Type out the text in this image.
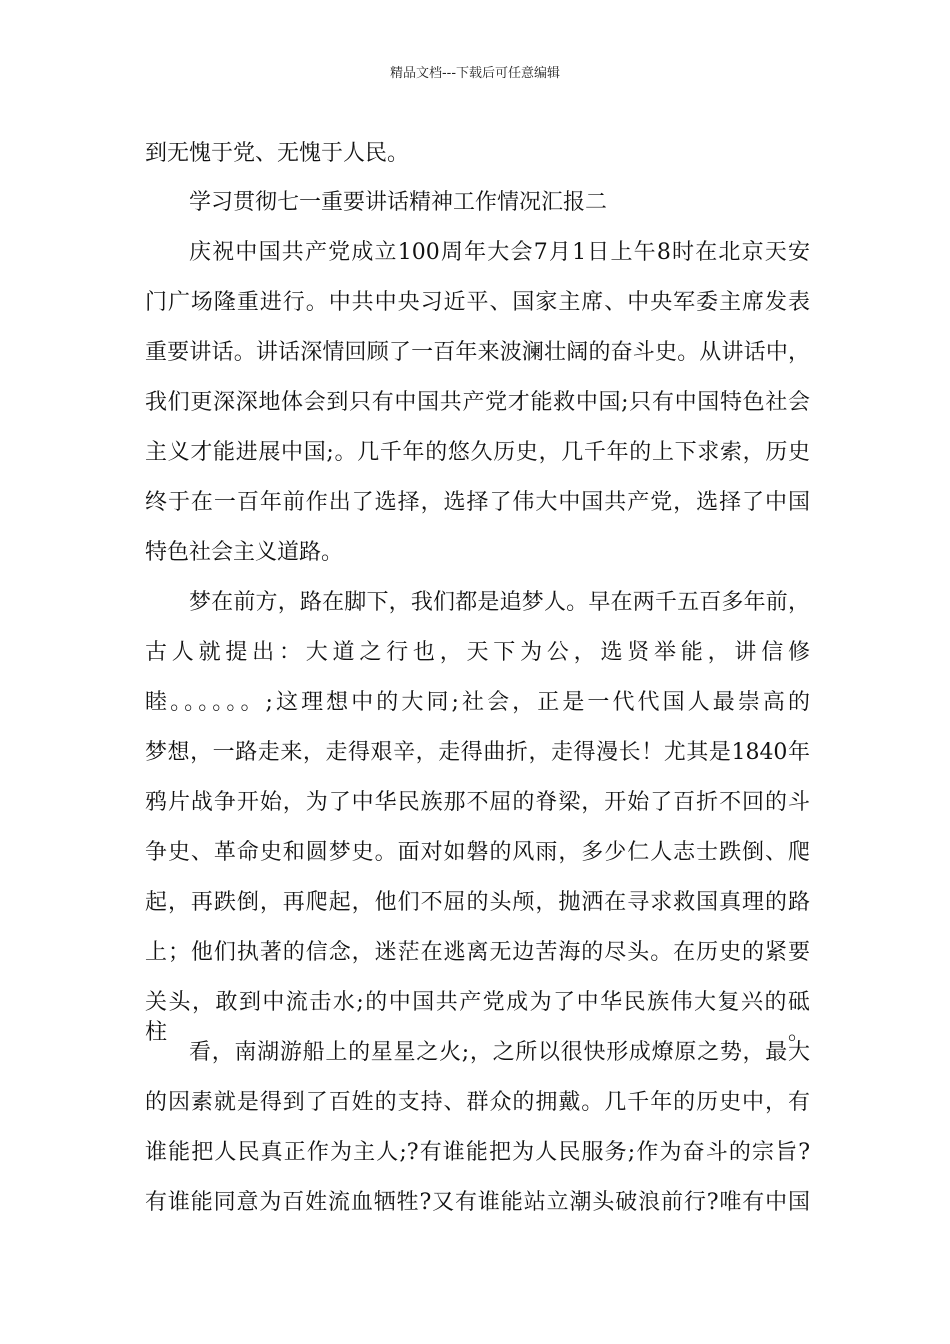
精品文档---下载后可任意编辑
到无愧于党、无愧于人民。
学习贯彻七一重要讲话精神工作情况汇报二
庆祝中国共产党成立100周年大会7月1日上午8时在北京天安
门广场隆重进行。中共中央习近平、国家主席、中央军委主席发表
重要讲话。讲话深情回顾了一百年来波澜壮阔的奋斗史。从讲话中，
我们更深深地体会到只有中国共产党才能救中国;只有中国特色社会
主义才能进展中国;。几千年的悠久历史，几千年的上下求索，历史
终于在一百年前作出了选择，选择了伟大中国共产党，选择了中国
特色社会主义道路。
梦在前方，路在脚下，我们都是追梦人。早在两千五百多年前，
古人就提出：大道之行也，天下为公，选贤举能，讲信修
睦。。。。。。;这理想中的大同;社会，正是一代代国人最崇高的
梦想，一路走来，走得艰辛，走得曲折，走得漫长！尤其是1840年
鸦片战争开始，为了中华民族那不屈的脊梁，开始了百折不回的斗
争史、革命史和圆梦史。面对如磐的风雨，多少仁人志士跌倒、爬
起，再跌倒，再爬起，他们不屈的头颅，抛洒在寻求救国真理的路
上；他们执著的信念，迷茫在逃离无边苦海的尽头。在历史的紧要
关头，敢到中流击水;的中国共产党成为了中华民族伟大复兴的砥柱。
看，南湖游船上的星星之火;，之所以很快形成燎原之势，最大
的因素就是得到了百姓的支持、群众的拥戴。几千年的历史中，有
谁能把人民真正作为主人;?有谁能把为人民服务;作为奋斗的宗旨?
有谁能同意为百姓流血牺牲?又有谁能站立潮头破浪前行?唯有中国
